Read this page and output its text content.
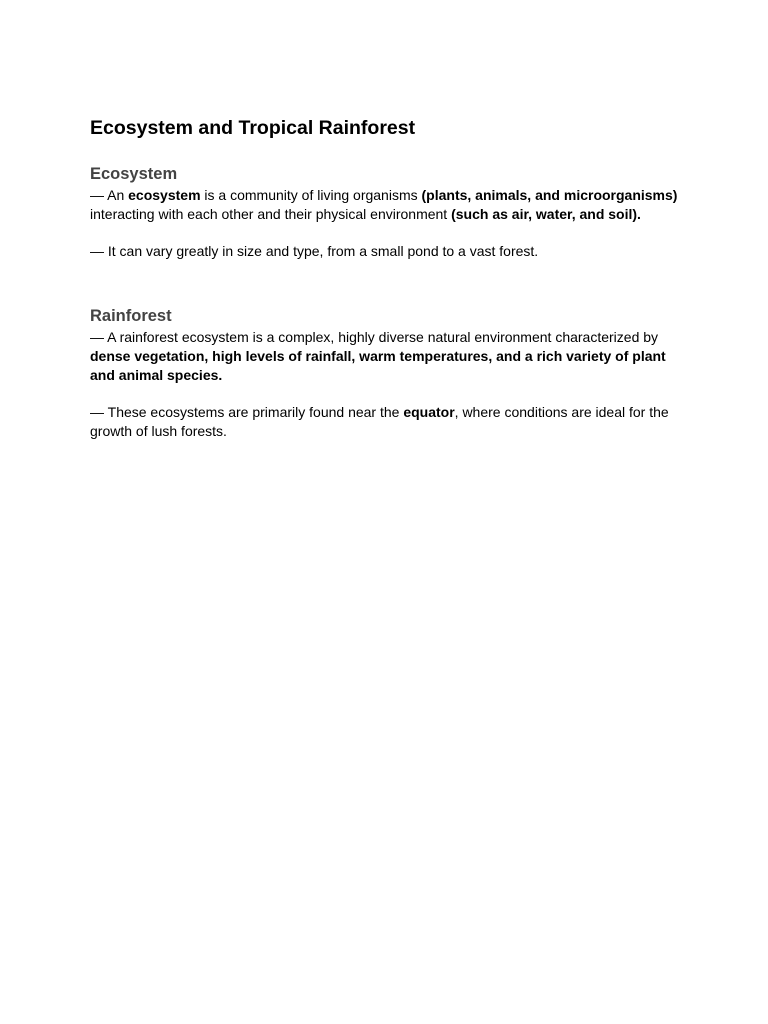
Ecosystem and Tropical Rainforest
Ecosystem

— An ecosystem is a community of living organisms (plants, animals, and microorganisms) interacting with each other and their physical environment (such as air, water, and soil).

— It can vary greatly in size and type, from a small pond to a vast forest.

Rainforest

— A rainforest ecosystem is a complex, highly diverse natural environment characterized by dense vegetation, high levels of rainfall, warm temperatures, and a rich variety of plant and animal species.

— These ecosystems are primarily found near the equator, where conditions are ideal for the growth of lush forests.
